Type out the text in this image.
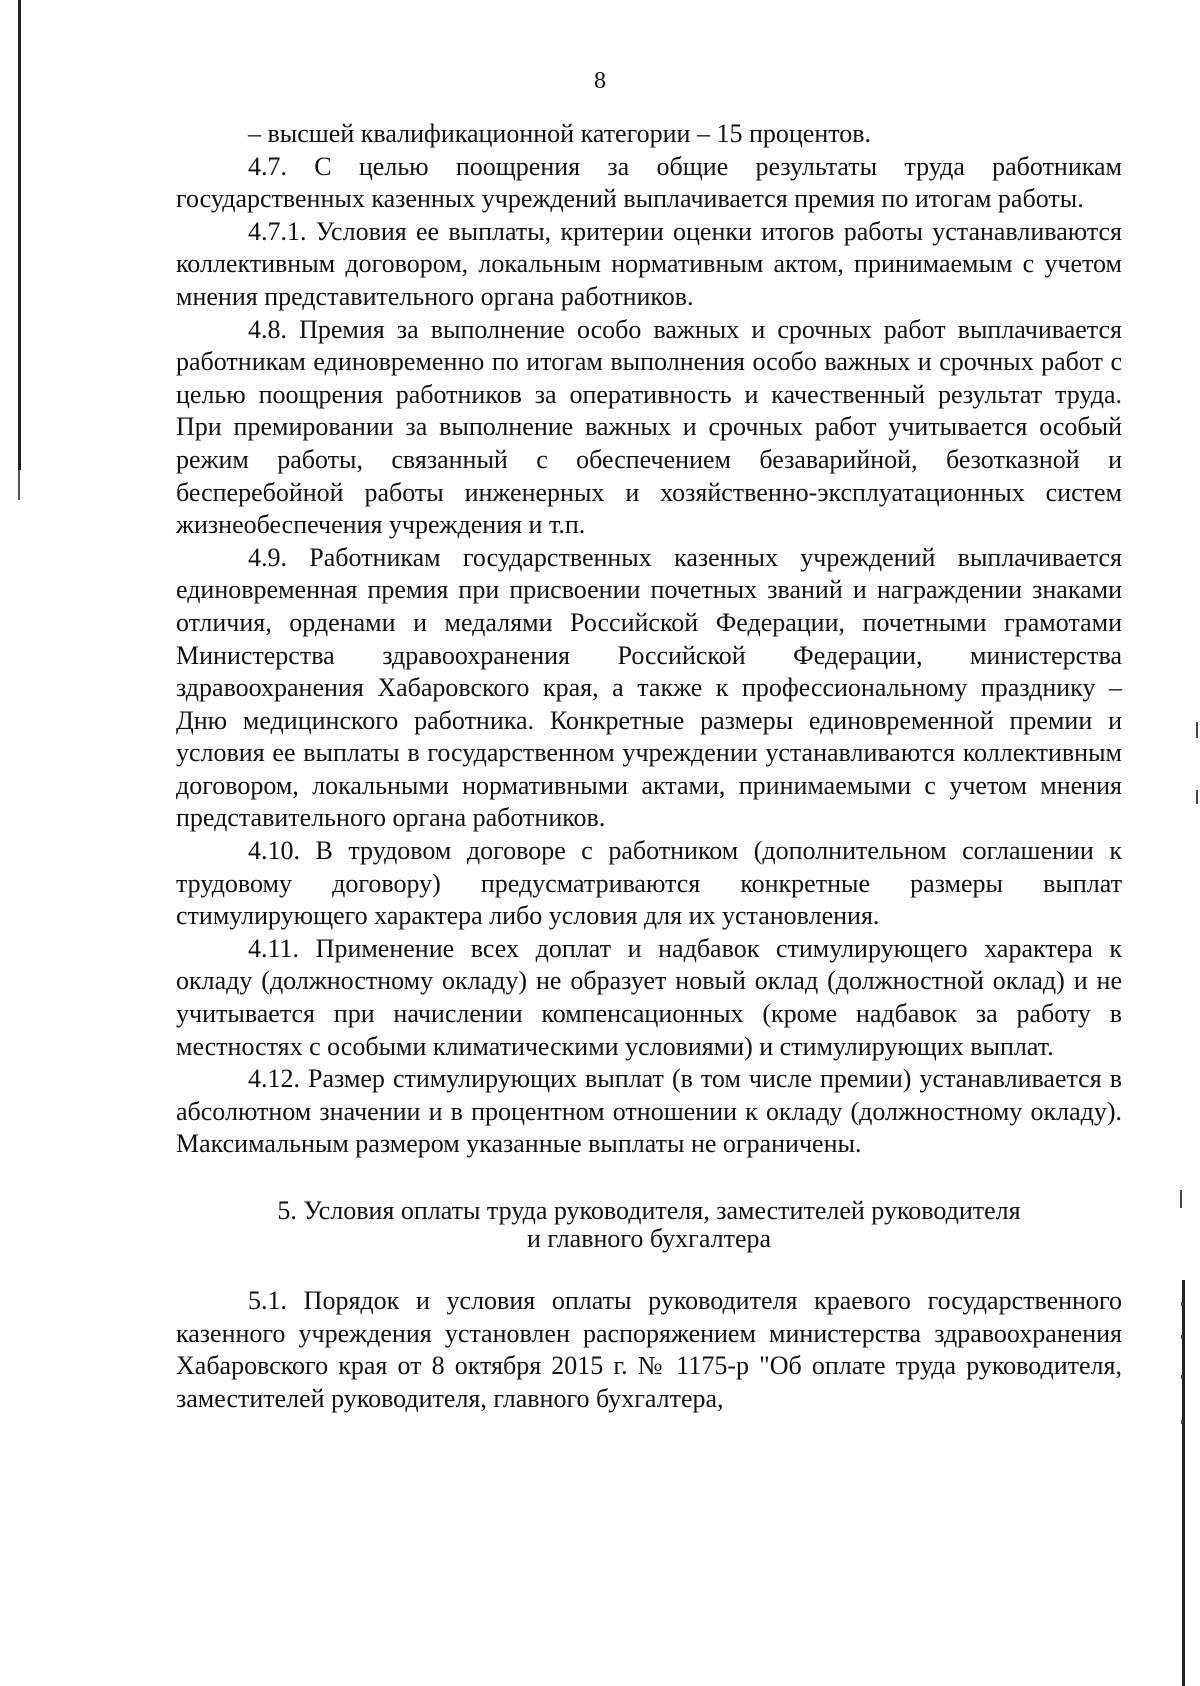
8

– высшей квалификационной категории – 15 процентов.

4.7. С целью поощрения за общие результаты труда работникам государственных казенных учреждений выплачивается премия по итогам работы.

4.7.1. Условия ее выплаты, критерии оценки итогов работы устанавливаются коллективным договором, локальным нормативным актом, принимаемым с учетом мнения представительного органа работников.

4.8. Премия за выполнение особо важных и срочных работ выплачивается работникам единовременно по итогам выполнения особо важных и срочных работ с целью поощрения работников за оперативность и качественный результат труда. При премировании за выполнение важных и срочных работ учитывается особый режим работы, связанный с обеспечением безаварийной, безотказной и бесперебойной работы инженерных и хозяйственно-эксплуатационных систем жизнеобеспечения учреждения и т.п.

4.9. Работникам государственных казенных учреждений выплачивается единовременная премия при присвоении почетных званий и награждении знаками отличия, орденами и медалями Российской Федерации, почетными грамотами Министерства здравоохранения Российской Федерации, министерства здравоохранения Хабаровского края, а также к профессиональному празднику – Дню медицинского работника. Конкретные размеры единовременной премии и условия ее выплаты в государственном учреждении устанавливаются коллективным договором, локальными нормативными актами, принимаемыми с учетом мнения представительного органа работников.

4.10. В трудовом договоре с работником (дополнительном соглашении к трудовому договору) предусматриваются конкретные размеры выплат стимулирующего характера либо условия для их установления.

4.11. Применение всех доплат и надбавок стимулирующего характера к окладу (должностному окладу) не образует новый оклад (должностной оклад) и не учитывается при начислении компенсационных (кроме надбавок за работу в местностях с особыми климатическими условиями) и стимулирующих выплат.

4.12. Размер стимулирующих выплат (в том числе премии) устанавливается в абсолютном значении и в процентном отношении к окладу (должностному окладу). Максимальным размером указанные выплаты не ограничены.

5. Условия оплаты труда руководителя, заместителей руководителя
и главного бухгалтера

5.1. Порядок и условия оплаты руководителя краевого государственного казенного учреждения установлен распоряжением министерства здравоохранения Хабаровского края от 8 октября 2015 г. № 1175-р "Об оплате труда руководителя, заместителей руководителя, главного бухгалтера,
